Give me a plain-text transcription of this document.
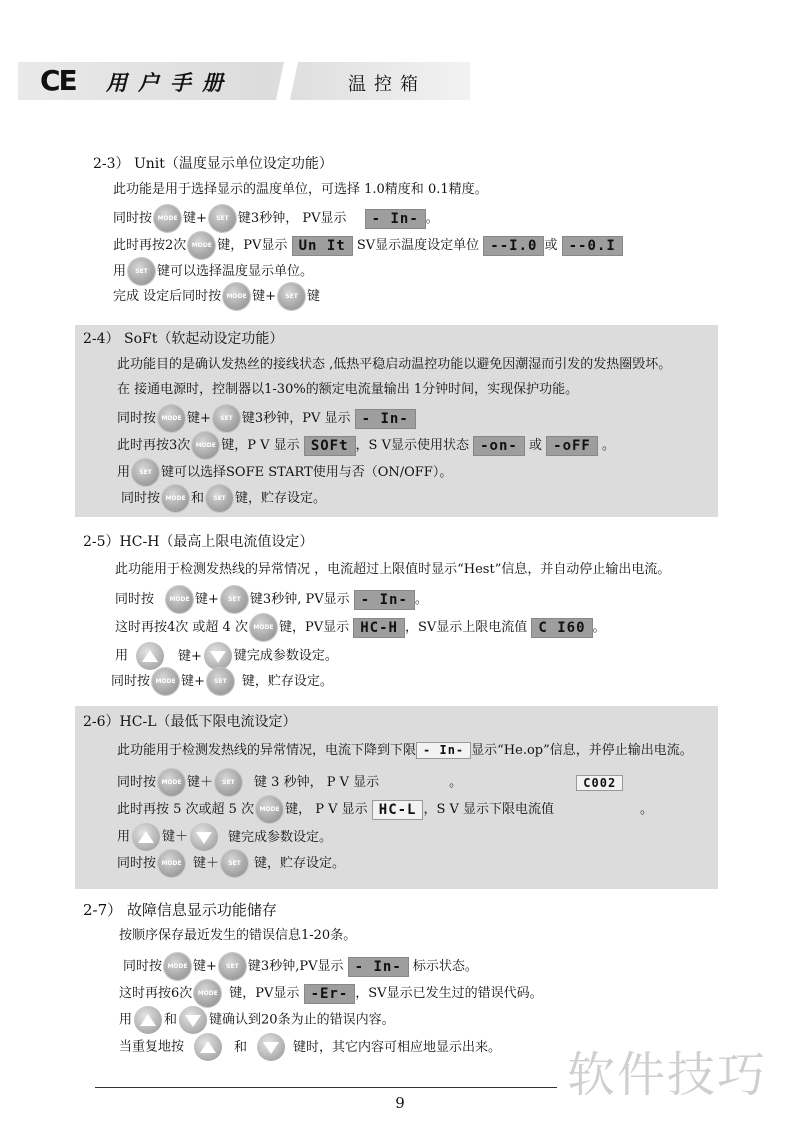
CE 用户手册	温控箱
2-3） Unit（温度显示单位设定功能）
此功能是用于选择显示的温度单位，可选择 1.0精度和 0.1精度。
同时按 MODE 键+ SET 键3秒钟， PV显示 - In- 。
此时再按2次 MODE 键，PV显示 Un It SV显示温度设定单位 --I.0 或 --0.I
用 SET 键可以选择温度显示单位。
完成 设定后同时按 MODE 键+ SET 键
2-4） SoFt（软起动设定功能）
此功能目的是确认发热丝的接线状态 ,低热平稳启动温控功能以避免因潮湿而引发的发热圈毁坏。
在 接通电源时，控制器以1-30%的额定电流量输出 1分钟时间，实现保护功能。
同时按 MODE 键+ SET 键3秒钟，PV 显示 - In-
此时再按3次 MODE 键，P V 显示 SOFt ，S V显示使用状态 -on- 或 -oFF 。
用 SET 键可以选择SOFE START使用与否（ON/OFF）。
同时按 MODE 和 SET 键，贮存设定。
2-5）HC-H（最高上限电流值设定）
此功能用于检测发热线的异常情况 ，电流超过上限值时显示“Hest”信息，并自动停止输出电流。
同时按	MODE 键+ SET 键3秒钟, PV显示 - In- 。
这时再按4次 或超 4 次 MODE 键，PV显示 HC-H ，SV显示上限电流值 C I60 。
用	键+ 键完成参数设定。
同时按 MODE 键+ SET 键，贮存设定。
2-6）HC-L（最低下限电流设定）
此功能用于检测发热线的异常情况，电流下降到下限 - In- 显示“He.op”信息，并停止输出电流。
同时按 MODE 键＋ SET 键 3 秒钟， P V 显示	。	C002
此时再按 5 次或超 5 次 MODE 键， P V 显示 HC-L ，S V 显示下限电流值	。
用 键＋	键完成参数设定。
同时按 MODE 键＋ SET 键，贮存设定。
2-7） 故障信息显示功能储存
按顺序保存最近发生的错误信息1-20条。
同时按 MODE 键+ SET 键3秒钟,PV显示 - In- 标示状态。
这时再按6次 MODE 键，PV显示 -Er- ，SV显示已发生过的错误代码。
用 和 键确认到20条为止的错误内容。
当重复地按	和	键时，其它内容可相应地显示出来。
9	软件技巧
